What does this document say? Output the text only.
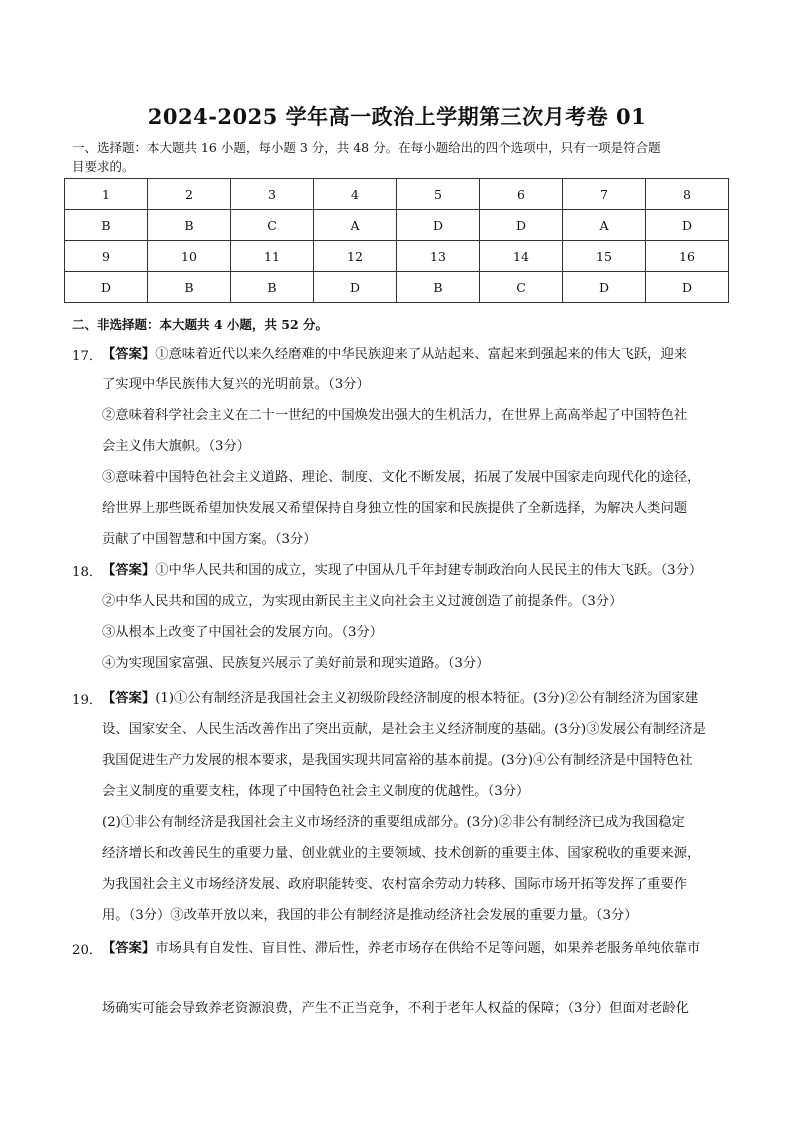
2024-2025 学年高一政治上学期第三次月考卷 01
一、选择题：本大题共 16 小题，每小题 3 分，共 48 分。在每小题给出的四个选项中，只有一项是符合题
目要求的。
1	2	3	4	5	6	7	8
B	B	C	A	D	D	A	D
9	10	11	12	13	14	15	16
D	B	B	D	B	C	D	D
二、非选择题：本大题共 4 小题，共 52 分。
17． 【答案】①意味着近代以来久经磨难的中华民族迎来了从站起来、富起来到强起来的伟大飞跃，迎来
了实现中华民族伟大复兴的光明前景。（3分）
②意味着科学社会主义在二十一世纪的中国焕发出强大的生机活力，在世界上高高举起了中国特色社
会主义伟大旗帜。（3分）
③意味着中国特色社会主义道路、理论、制度、文化不断发展，拓展了发展中国家走向现代化的途径，
给世界上那些既希望加快发展又希望保持自身独立性的国家和民族提供了全新选择，为解决人类问题
贡献了中国智慧和中国方案。（3分）
18． 【答案】①中华人民共和国的成立，实现了中国从几千年封建专制政治向人民民主的伟大飞跃。（3分）
②中华人民共和国的成立，为实现由新民主主义向社会主义过渡创造了前提条件。（3分）
③从根本上改变了中国社会的发展方向。（3分）
④为实现国家富强、民族复兴展示了美好前景和现实道路。（3分）
19． 【答案】(1)①公有制经济是我国社会主义初级阶段经济制度的根本特征。(3分)②公有制经济为国家建
设、国家安全、人民生活改善作出了突出贡献，是社会主义经济制度的基础。(3分)③发展公有制经济是
我国促进生产力发展的根本要求，是我国实现共同富裕的基本前提。(3分)④公有制经济是中国特色社
会主义制度的重要支柱，体现了中国特色社会主义制度的优越性。（3分）
(2)①非公有制经济是我国社会主义市场经济的重要组成部分。(3分)②非公有制经济已成为我国稳定
经济增长和改善民生的重要力量、创业就业的主要领域、技术创新的重要主体、国家税收的重要来源，
为我国社会主义市场经济发展、政府职能转变、农村富余劳动力转移、国际市场开拓等发挥了重要作
用。（3分）③改革开放以来，我国的非公有制经济是推动经济社会发展的重要力量。（3分）
20． 【答案】市场具有自发性、盲目性、滞后性，养老市场存在供给不足等问题，如果养老服务单纯依靠市
场确实可能会导致养老资源浪费，产生不正当竞争，不利于老年人权益的保障；（3分）但面对老龄化
